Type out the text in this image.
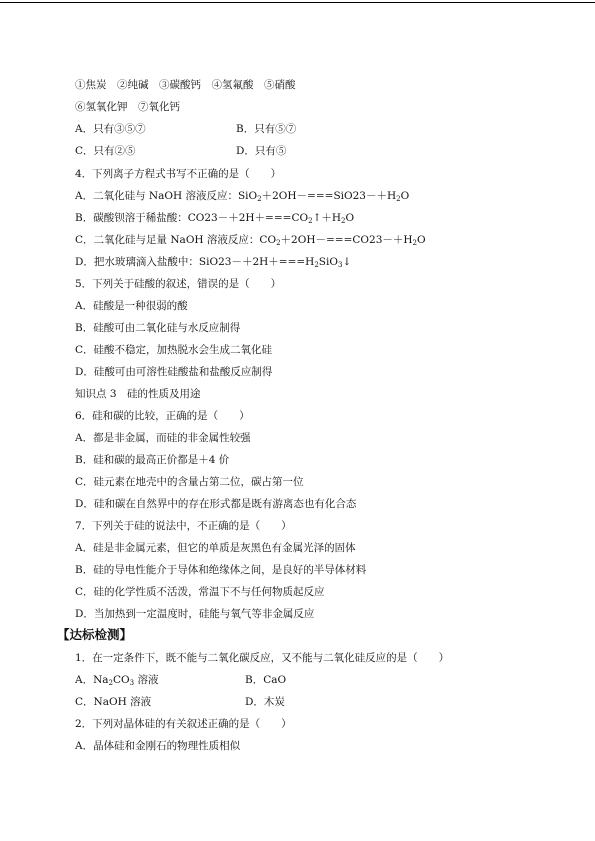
①焦炭　②纯碱　③碳酸钙　④氢氟酸　⑤硝酸
⑥氢氧化钾　⑦氧化钙
A．只有③⑤⑦	B．只有⑤⑦
C．只有②⑤	D．只有⑤
4．下列离子方程式书写不正确的是（　　）
A．二氧化硅与 NaOH 溶液反应：$SiO_2+2OH-===SiO23-+H_2O$
B．碳酸钡溶于稀盐酸：$CO23-+2H+===CO_2↑+H_2O$
C．二氧化硅与足量 NaOH 溶液反应：$CO_2+2OH-===CO23-+H_2O$
D．把水玻璃滴入盐酸中：$SiO23-+2H+===H_2SiO_3↓$
5．下列关于硅酸的叙述，错误的是（　　）
A．硅酸是一种很弱的酸
B．硅酸可由二氧化硅与水反应制得
C．硅酸不稳定，加热脱水会生成二氧化硅
D．硅酸可由可溶性硅酸盐和盐酸反应制得
知识点 3　硅的性质及用途
6．硅和碳的比较，正确的是（　　）
A．都是非金属，而硅的非金属性较强
B．硅和碳的最高正价都是＋4 价
C．硅元素在地壳中的含量占第二位，碳占第一位
D．硅和碳在自然界中的存在形式都是既有游离态也有化合态
7．下列关于硅的说法中，不正确的是（　　）
A．硅是非金属元素，但它的单质是灰黑色有金属光泽的固体
B．硅的导电性能介于导体和绝缘体之间，是良好的半导体材料
C．硅的化学性质不活泼，常温下不与任何物质起反应
D．当加热到一定温度时，硅能与氧气等非金属反应
【达标检测】
1．在一定条件下，既不能与二氧化碳反应，又不能与二氧化硅反应的是（　　）
A．$Na_2CO_3$ 溶液	B．CaO
C．NaOH 溶液	D．木炭
2．下列对晶体硅的有关叙述正确的是（　　）
A．晶体硅和金刚石的物理性质相似
